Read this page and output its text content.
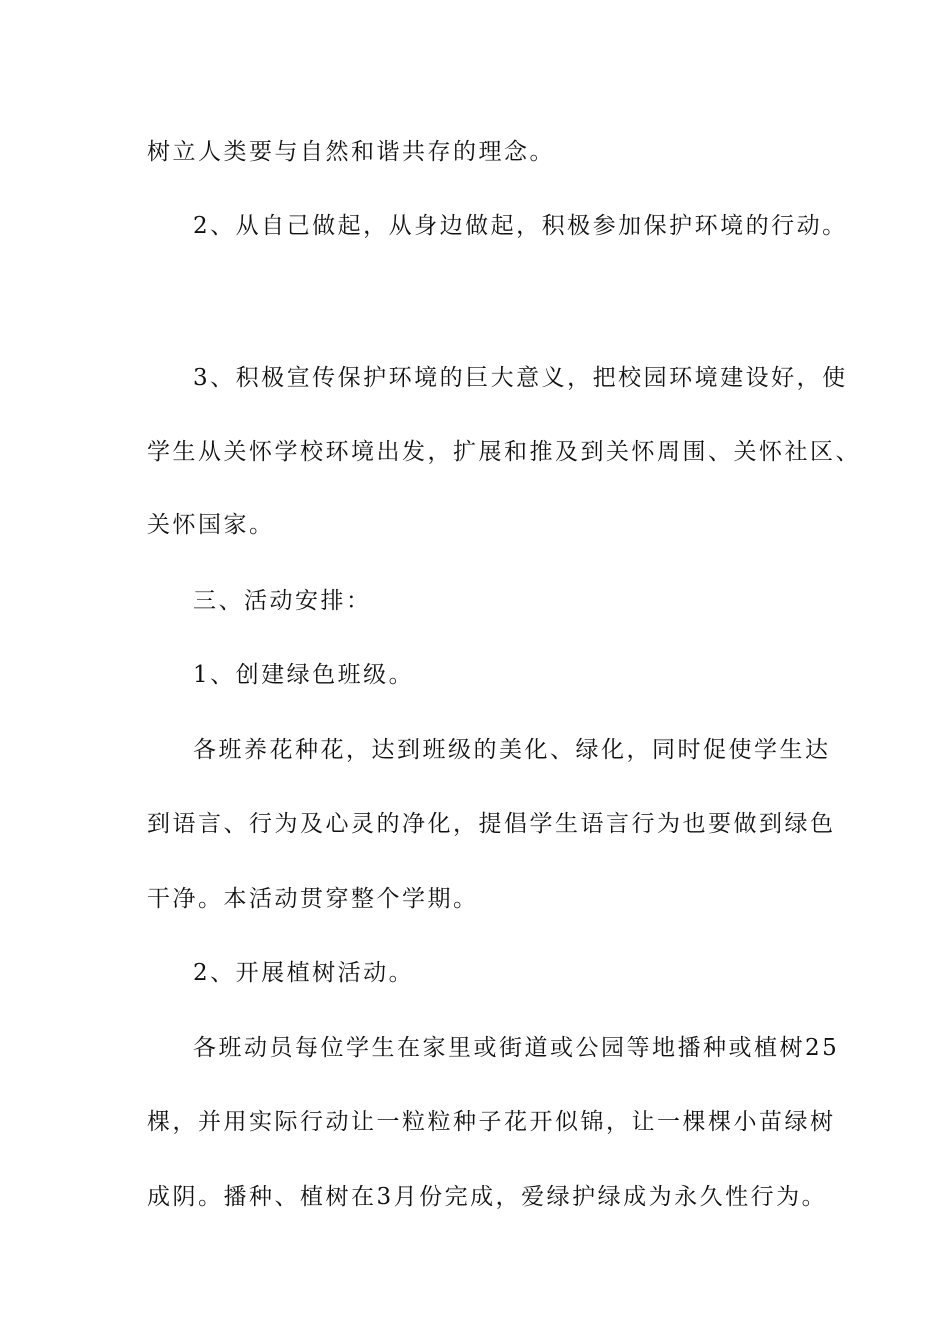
树立人类要与自然和谐共存的理念。
2、从自己做起，从身边做起，积极参加保护环境的行动。
3、积极宣传保护环境的巨大意义，把校园环境建设好，使
学生从关怀学校环境出发，扩展和推及到关怀周围、关怀社区、
关怀国家。
三、活动安排：
1、创建绿色班级。
各班养花种花，达到班级的美化、绿化，同时促使学生达
到语言、行为及心灵的净化，提倡学生语言行为也要做到绿色
干净。本活动贯穿整个学期。
2、开展植树活动。
各班动员每位学生在家里或街道或公园等地播种或植树25
棵，并用实际行动让一粒粒种子花开似锦，让一棵棵小苗绿树
成阴。播种、植树在3月份完成，爱绿护绿成为永久性行为。
